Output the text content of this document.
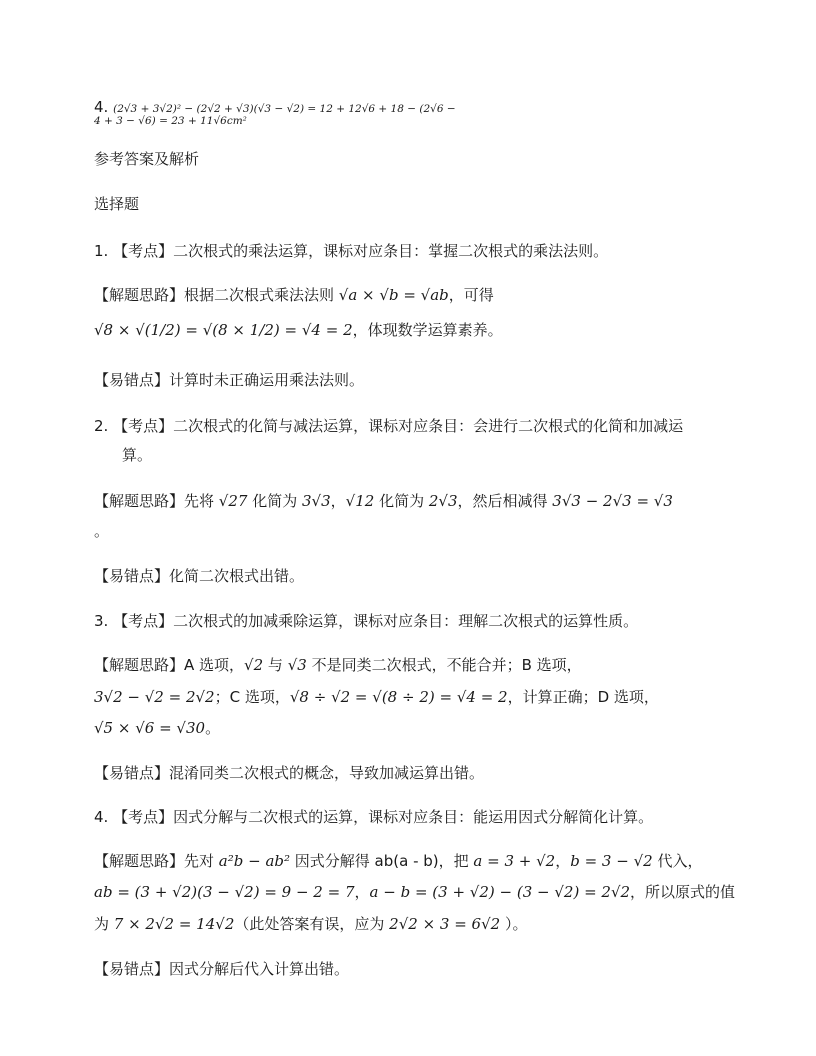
4. (2√3 + 3√2)² − (2√2 + √3)(√3 − √2) = 12 + 12√6 + 18 − (2√6 −
4 + 3 − √6) = 23 + 11√6cm²
参考答案及解析
选择题
1. 【考点】二次根式的乘法运算，课标对应条目：掌握二次根式的乘法法则。
【解题思路】根据二次根式乘法法则 √a × √b = √ab，可得
√8 × √(1/2) = √(8 × 1/2) = √4 = 2，体现数学运算素养。
【易错点】计算时未正确运用乘法法则。
2. 【考点】二次根式的化简与减法运算，课标对应条目：会进行二次根式的化简和加减运
算。
【解题思路】先将 √27 化简为 3√3，√12 化简为 2√3，然后相减得 3√3 − 2√3 = √3
。
【易错点】化简二次根式出错。
3. 【考点】二次根式的加减乘除运算，课标对应条目：理解二次根式的运算性质。
【解题思路】A 选项，√2 与 √3 不是同类二次根式，不能合并；B 选项，
3√2 − √2 = 2√2；C 选项，√8 ÷ √2 = √(8 ÷ 2) = √4 = 2，计算正确；D 选项，
√5 × √6 = √30。
【易错点】混淆同类二次根式的概念，导致加减运算出错。
4. 【考点】因式分解与二次根式的运算，课标对应条目：能运用因式分解简化计算。
【解题思路】先对 a²b − ab² 因式分解得 ab(a - b)，把 a = 3 + √2，b = 3 − √2 代入，
ab = (3 + √2)(3 − √2) = 9 − 2 = 7，a − b = (3 + √2) − (3 − √2) = 2√2，所以原式的值
为 7 × 2√2 = 14√2（此处答案有误，应为 2√2 × 3 = 6√2 ）。
【易错点】因式分解后代入计算出错。
